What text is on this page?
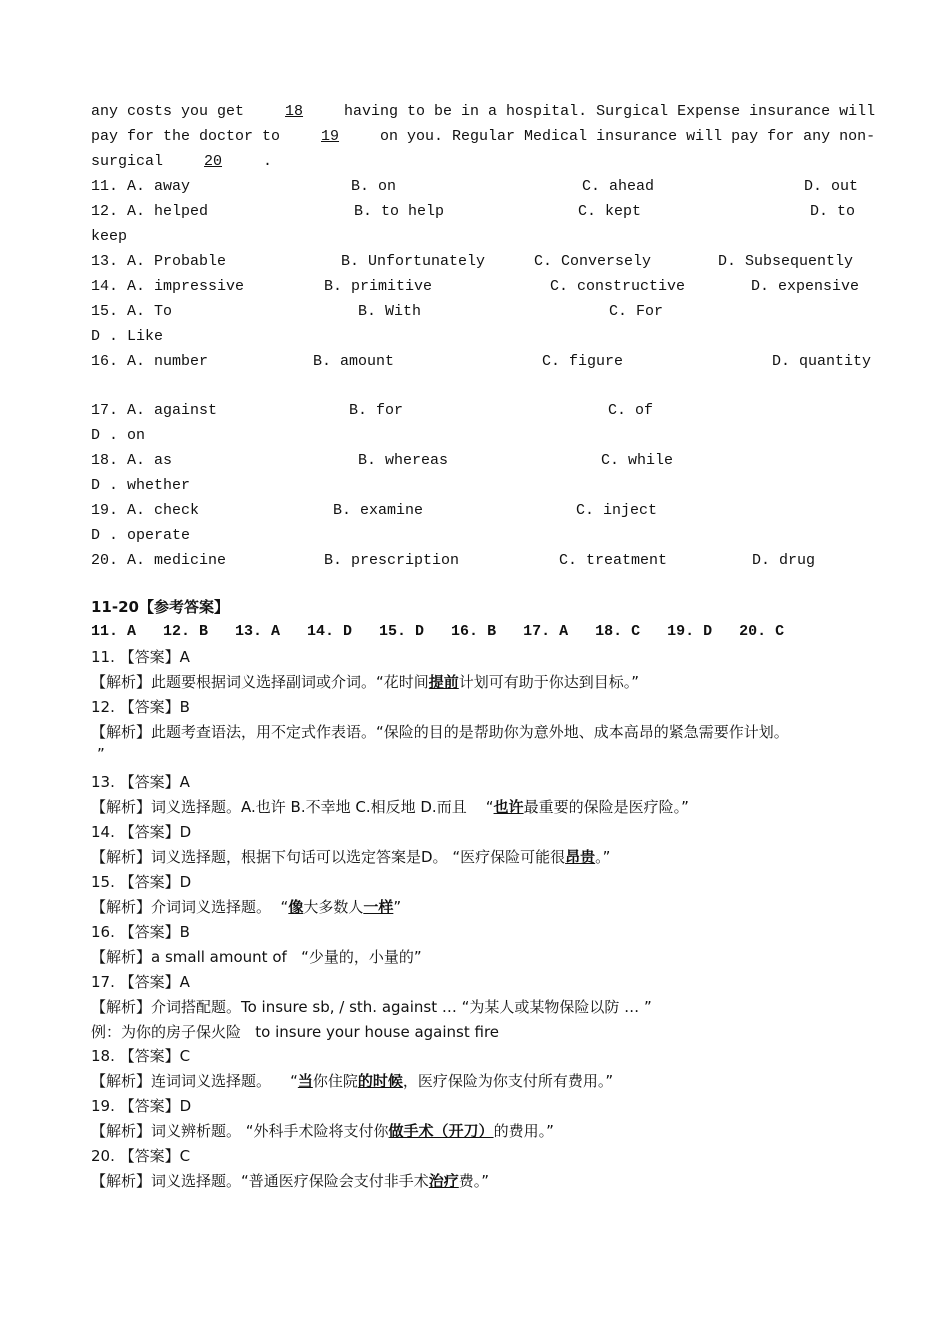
any costs you get	18	having to be in a hospital. Surgical Expense insurance will
pay for the doctor to	19	on you. Regular Medical insurance will pay for any non-
surgical	20	.
11. A. away	B. on	C. ahead	D. out
12. A. helped	B. to help	C. kept	D. to
keep
13. A. Probable	B. Unfortunately	C. Conversely	D. Subsequently
14. A. impressive	B. primitive	C. constructive	D. expensive
15. A. To	B. With	C. For
D . Like
16. A. number	B. amount	C. figure	D. quantity
17. A. against	B. for	C. of
D . on
18. A. as	B. whereas	C. while
D . whether
19. A. check	B. examine	C. inject
D . operate
20. A. medicine	B. prescription	C. treatment	D. drug
11-20【参考答案】
11. A   12. B   13. A   14. D   15. D   16. B   17. A   18. C   19. D   20. C
11. 【答案】A
【解析】此题要根据词义选择副词或介词。“花时间提前计划可有助于你达到目标。”
12. 【答案】B
【解析】此题考查语法，用不定式作表语。“保险的目的是帮助你为意外地、成本高昂的紧急需要作计划。
”
13. 【答案】A
【解析】词义选择题。A.也许 B.不幸地 C.相反地 D.而且    “也许最重要的保险是医疗险。”
14. 【答案】D
【解析】词义选择题，根据下句话可以选定答案是D。 “医疗保险可能很昂贵。”
15. 【答案】D
【解析】介词词义选择题。  “像大多数人一样”
16. 【答案】B
【解析】a small amount of   “少量的，小量的”
17. 【答案】A
【解析】介词搭配题。To insure sb, / sth. against … “为某人或某物保险以防 … ”
例：为你的房子保火险   to insure your house against fire
18. 【答案】C
【解析】连词词义选择题。    “当你住院的时候，医疗保险为你支付所有费用。”
19. 【答案】D
【解析】词义辨析题。 “外科手术险将支付你做手术（开刀）的费用。”
20. 【答案】C
【解析】词义选择题。“普通医疗保险会支付非手术治疗费。”
